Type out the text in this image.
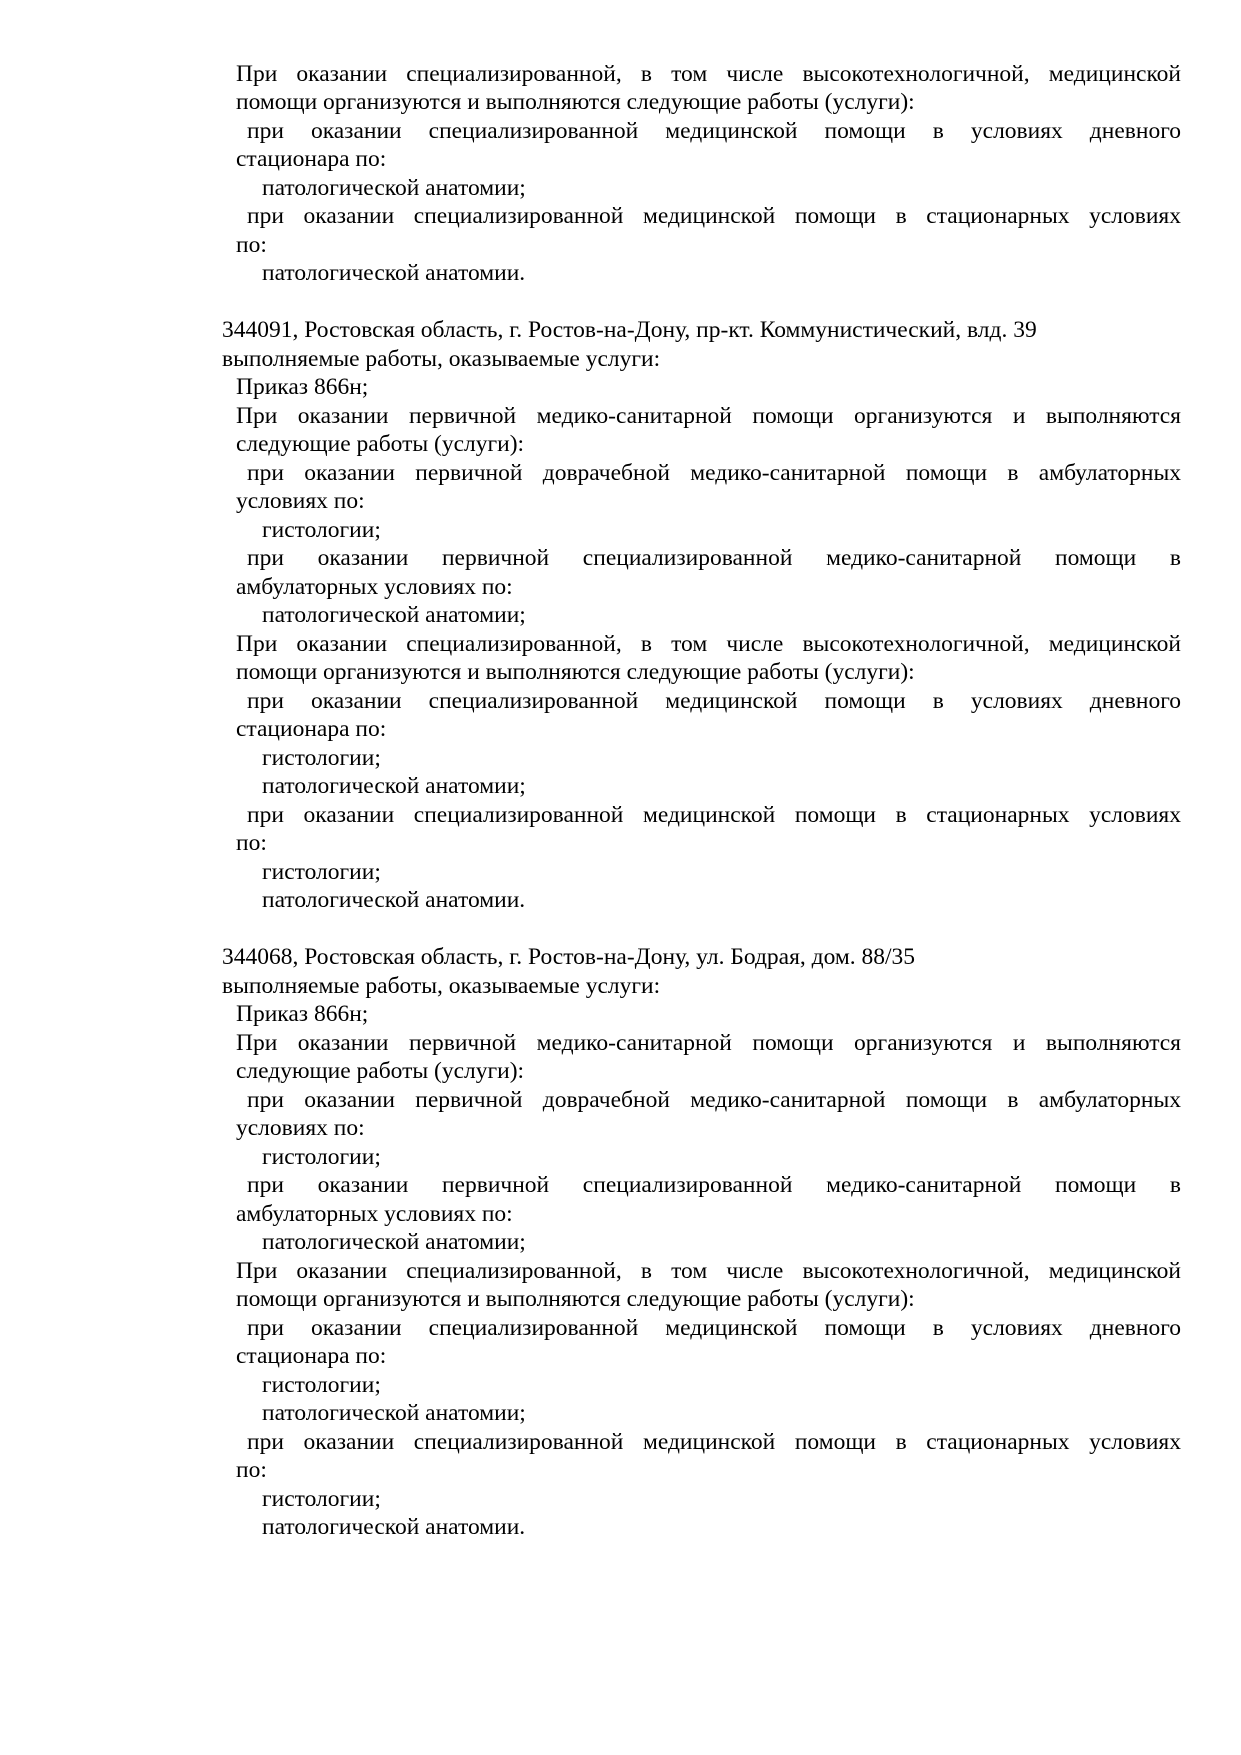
При оказании специализированной, в том числе высокотехнологичной, медицинской
помощи организуются и выполняются следующие работы (услуги):
при оказании специализированной медицинской помощи в условиях дневного
стационара по:
патологической анатомии;
при оказании специализированной медицинской помощи в стационарных условиях
по:
патологической анатомии.
344091, Ростовская область, г. Ростов-на-Дону, пр-кт. Коммунистический, влд. 39
выполняемые работы, оказываемые услуги:
Приказ 866н;
При оказании первичной медико-санитарной помощи организуются и выполняются
следующие работы (услуги):
при оказании первичной доврачебной медико-санитарной помощи в амбулаторных
условиях по:
гистологии;
при оказании первичной специализированной медико-санитарной помощи в
амбулаторных условиях по:
патологической анатомии;
При оказании специализированной, в том числе высокотехнологичной, медицинской
помощи организуются и выполняются следующие работы (услуги):
при оказании специализированной медицинской помощи в условиях дневного
стационара по:
гистологии;
патологической анатомии;
при оказании специализированной медицинской помощи в стационарных условиях
по:
гистологии;
патологической анатомии.
344068, Ростовская область, г. Ростов-на-Дону, ул. Бодрая, дом. 88/35
выполняемые работы, оказываемые услуги:
Приказ 866н;
При оказании первичной медико-санитарной помощи организуются и выполняются
следующие работы (услуги):
при оказании первичной доврачебной медико-санитарной помощи в амбулаторных
условиях по:
гистологии;
при оказании первичной специализированной медико-санитарной помощи в
амбулаторных условиях по:
патологической анатомии;
При оказании специализированной, в том числе высокотехнологичной, медицинской
помощи организуются и выполняются следующие работы (услуги):
при оказании специализированной медицинской помощи в условиях дневного
стационара по:
гистологии;
патологической анатомии;
при оказании специализированной медицинской помощи в стационарных условиях
по:
гистологии;
патологической анатомии.
